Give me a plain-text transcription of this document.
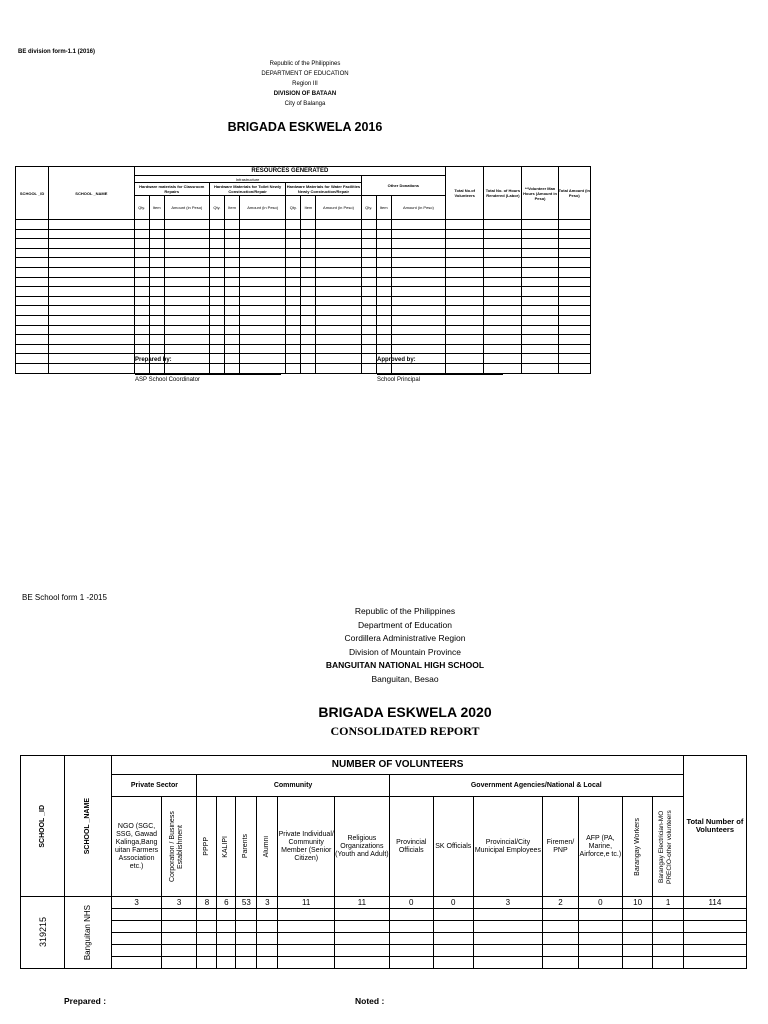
BE division form-1.1 (2016)
Republic of the Philippines
DEPARTMENT OF EDUCATION
Region III
DIVISION OF BATAAN
City of Balanga
BRIGADA ESKWELA 2016
SCHOOL _ID	SCHOOL _NAME	RESOURCES GENERATED												Total No.of Volunteers	Total No. of Hours Rendered (Labor)	**Volunteer Man Hours (Amount in Peso)	Total Amount (in Peso)
		Infrastructure									Other Donations						
		Hardware materials for Classroom Repairs			Hardware Materials for Toilet Newly Construction/Repair			Hardware Materials for Water Facilities Newly Construction/Repair									
		Qty.	Item	Amount (in Peso)	Qty.	Item	Amount (in Peso)	Qty.	Item	Amount (in Peso)	Qty.	Item	Amount (in Peso)				

Prepared by:
ASP School Coordinator
Approved by:
School Principal
BE School form 1 -2015
Republic of the Philippines
Department of Education
Cordillera Administrative Region
Division of Mountain Province
BANGUITAN NATIONAL HIGH SCHOOL
Banguitan, Besao
BRIGADA ESKWELA 2020
CONSOLIDATED REPORT
SCHOOL _ID	SCHOOL _NAME	NUMBER OF VOLUNTEERS															Total Number of Volunteers
		Private Sector		Community						Government Agencies/National & Local							
		NGO (SGC, SSG, Gawad Kalinga,Bang uitan Farmers Association etc.)	Corporation / Business Establishment	PPPP	KALIPI	Parents	Alumni	Private Individual/ Community Member (Senior Citizen)	Religious Organizations (Youth and Adult)	Provincial Officials	SK Officials	Provincial/City Municipal Employees	Firemen/ PNP	AFP (PA, Marine, Airforce,e tc.)	Barangay Workers	Barangay Electrician-MO PRECIO-other volunteers	

319215	Banguitan NHS	3	3	8	6	53	3	11	11	0	0	3	2	0	10	1	114

Prepared :	Noted :
